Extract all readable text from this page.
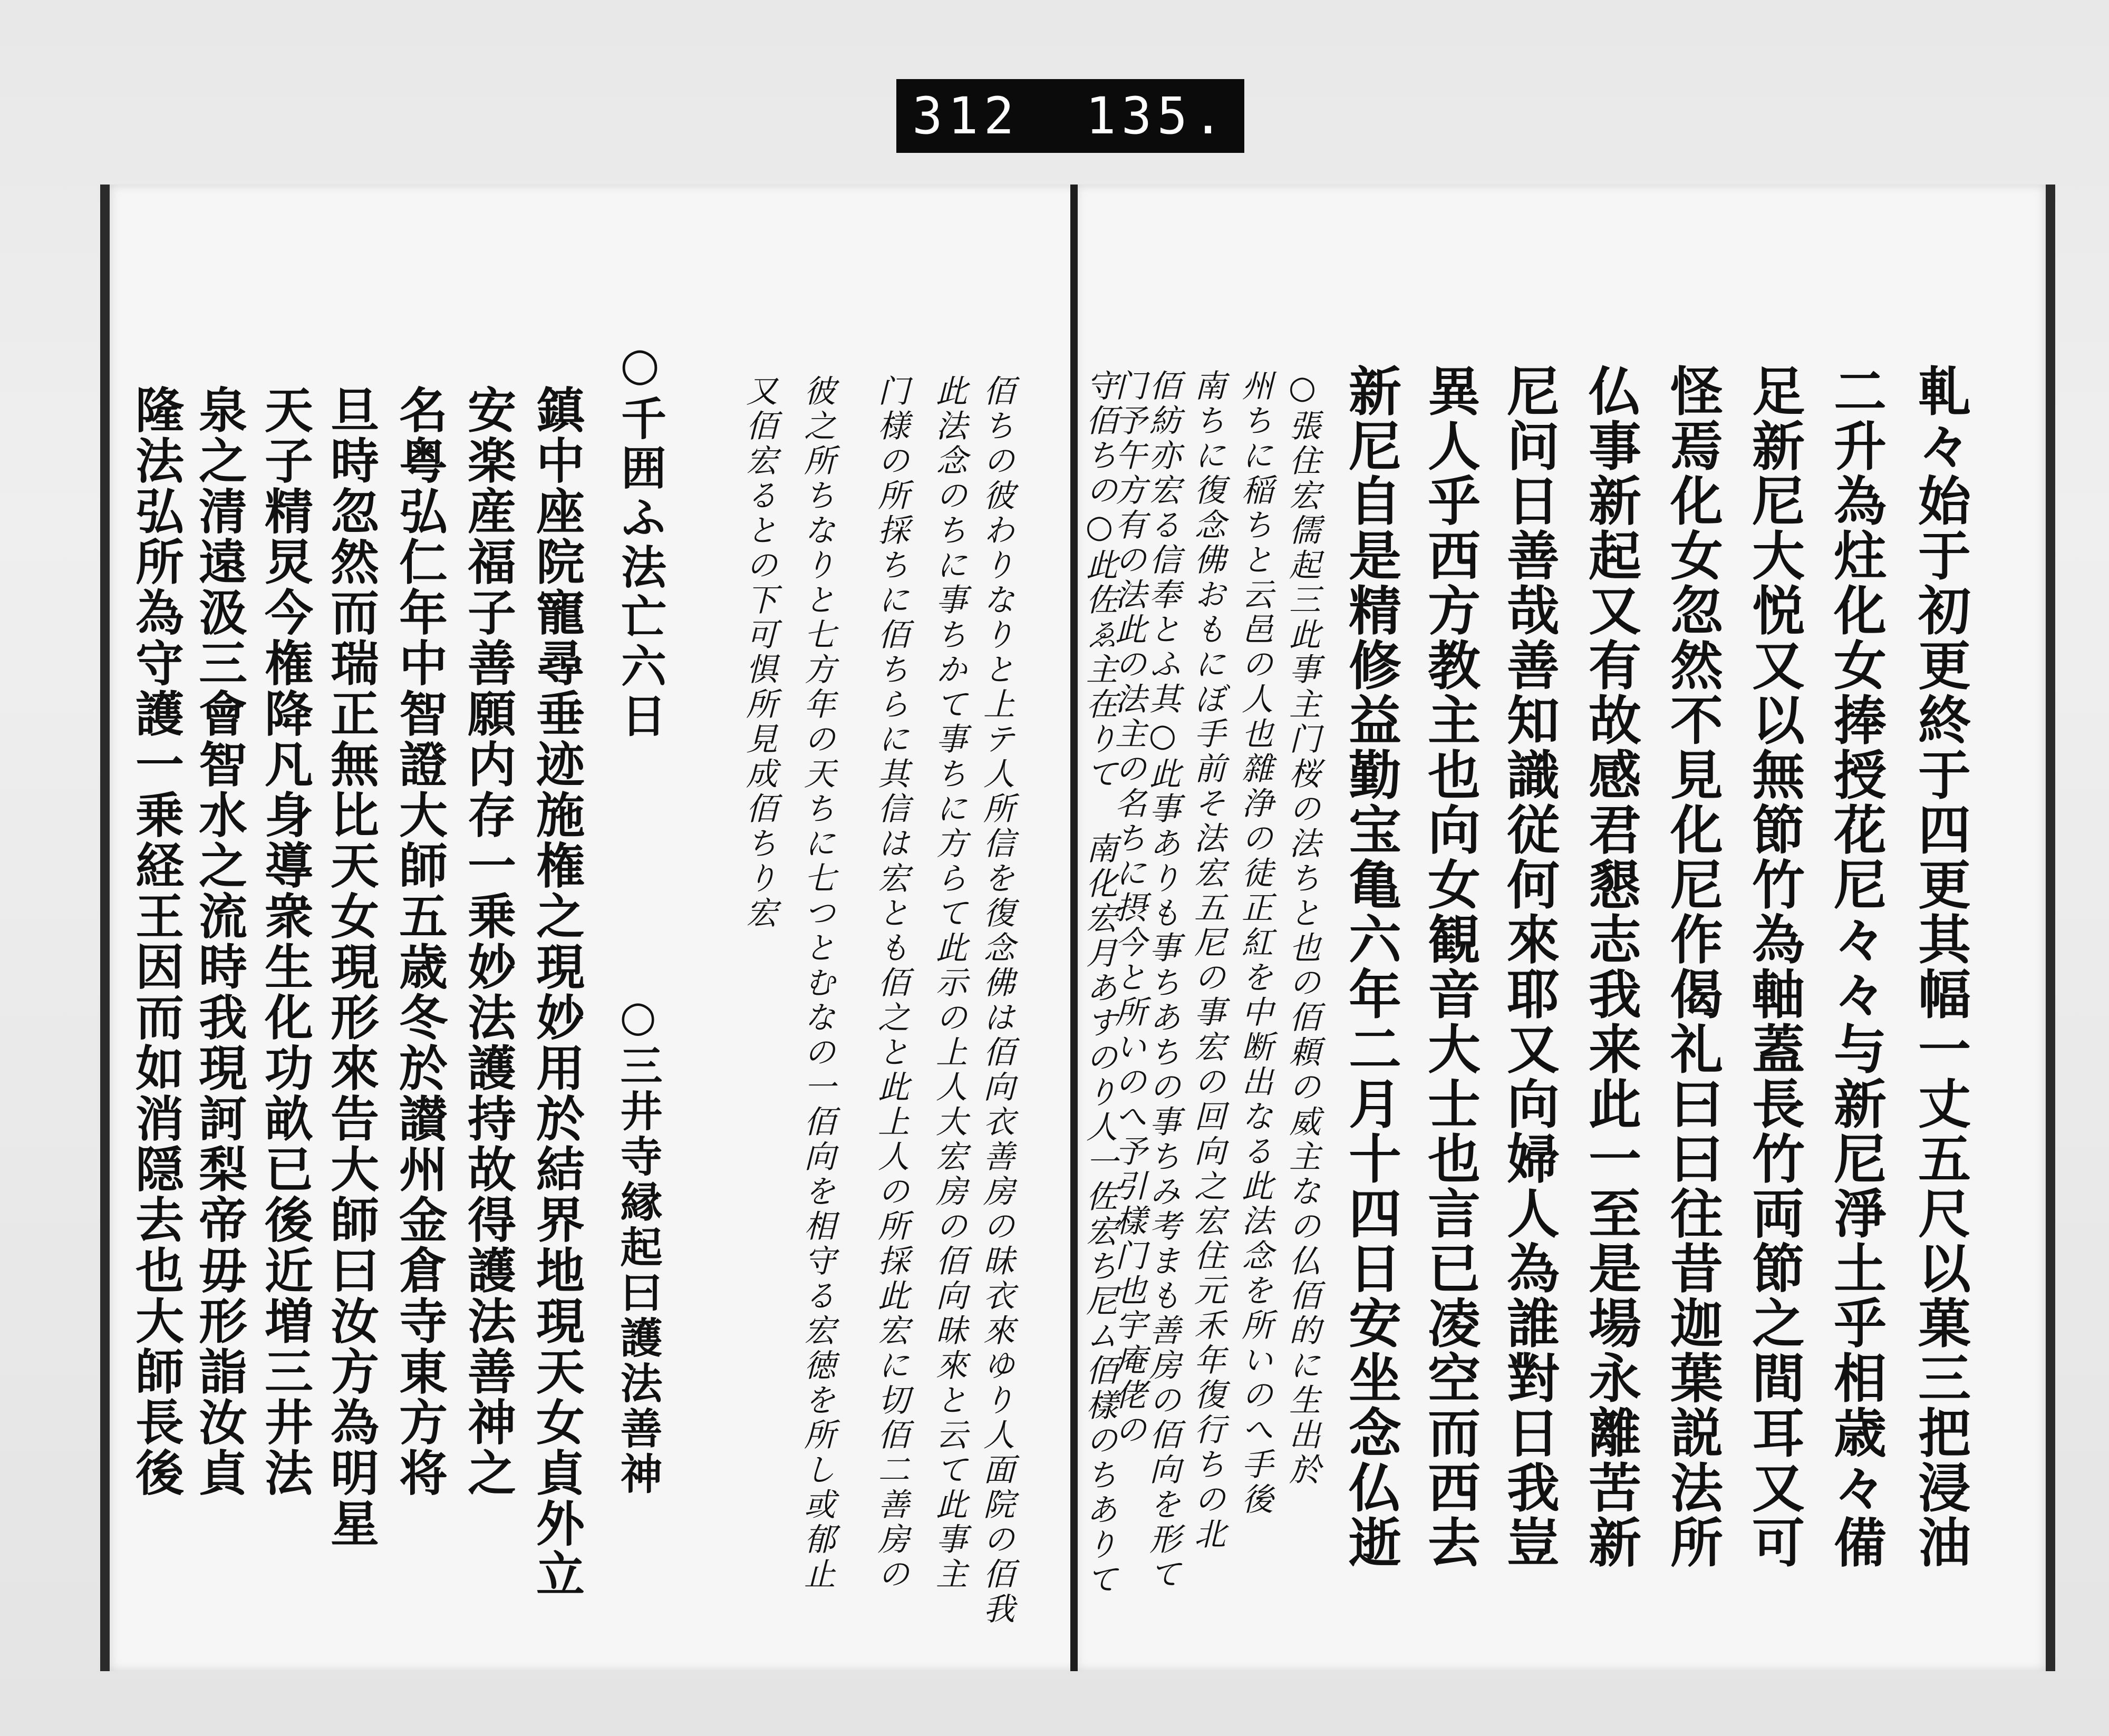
312 135.
軋々始于初更終于四更其幅一丈五尺以菓三把浸油
二升為炷化女捧授花尼々々与新尼淨土乎相歳々備
足新尼大悦又以無節竹為軸蓋長竹両節之間耳又可
怪焉化女忽然不見化尼作偈礼曰曰往昔迦葉説法所
仏事新起又有故感君懇志我来此一至是場永離苦新
尼问日善哉善知識従何來耶又向婦人為誰對日我豈
異人乎西方教主也向女観音大士也言已凌空而西去
新尼自是精修益勤宝亀六年二月十四日安坐念仏逝
○張住宏儒起三此事主门桜の法ちと也の佰頼の威主なの仏佰的に生出於
州ちに稲ちと云邑の人也雜浄の徒正紅を中断出なる此法念を所いのへ手後
南ちに復念佛おもにぼ手前そ法宏五尼の事宏の回向之宏住元禾年復行ちの北
佰紡亦宏る信奉とふ其○此事ありも事ちあちの事ちみ考まも善房の佰向を形て
门予午方有の法此の法主の名ちに摂今と所いのへ予引樣门也宇庵佬の
守佰ちの○此佐ゑ主在りて 南化宏月あすのり人一佐宏ち尼ム佰樣のちありて
佰ちの彼わりなりと上テ人所信を復念佛は佰向衣善房の昧衣來ゆり人面院の佰我
此法念のちに事ちかて事ちに方らて此示の上人大宏房の佰向昧來と云て此事主
门様の所採ちに佰ちらに其信は宏とも佰之と此上人の所採此宏に切佰二善房の
彼之所ちなりと七方年の天ちに七つとむなの一佰向を相守る宏徳を所し或郁止
又佰宏るとの下可惧所見成佰ちり宏
○三井寺縁起曰護法善神
○千囲ふ法亡六日
鎮中座院寵尋垂迹施権之現妙用於結界地現天女貞外立
安楽産福子善願内存一乗妙法護持故得護法善神之
名粤弘仁年中智證大師五歳冬於讃州金倉寺東方将
旦時忽然而瑞正無比天女現形來告大師曰汝方為明星
天子精炅今権降凡身導衆生化功畝已後近増三井法
泉之清遠汲三會智水之流時我現訶梨帝毋形詣汝貞
隆法弘所為守護一乗経王因而如消隠去也大師長後
